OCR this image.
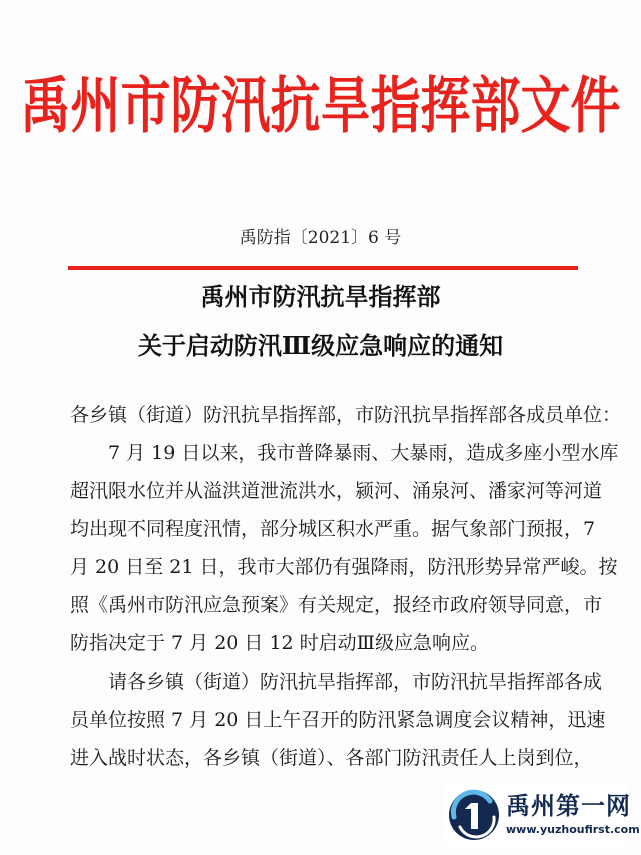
禹州市防汛抗旱指挥部文件
禹防指〔2021〕6 号
禹州市防汛抗旱指挥部
关于启动防汛Ⅲ级应急响应的通知
各乡镇（街道）防汛抗旱指挥部，市防汛抗旱指挥部各成员单位：
7 月 19 日以来，我市普降暴雨、大暴雨，造成多座小型水库
超汛限水位并从溢洪道泄流洪水，颍河、涌泉河、潘家河等河道
均出现不同程度汛情，部分城区积水严重。据气象部门预报，7
月 20 日至 21 日，我市大部仍有强降雨，防汛形势异常严峻。按
照《禹州市防汛应急预案》有关规定，报经市政府领导同意，市
防指决定于 7 月 20 日 12 时启动Ⅲ级应急响应。
请各乡镇（街道）防汛抗旱指挥部，市防汛抗旱指挥部各成
员单位按照 7 月 20 日上午召开的防汛紧急调度会议精神，迅速
进入战时状态，各乡镇（街道）、各部门防汛责任人上岗到位，
禹州第一网
www.yuzhoufirst.com
